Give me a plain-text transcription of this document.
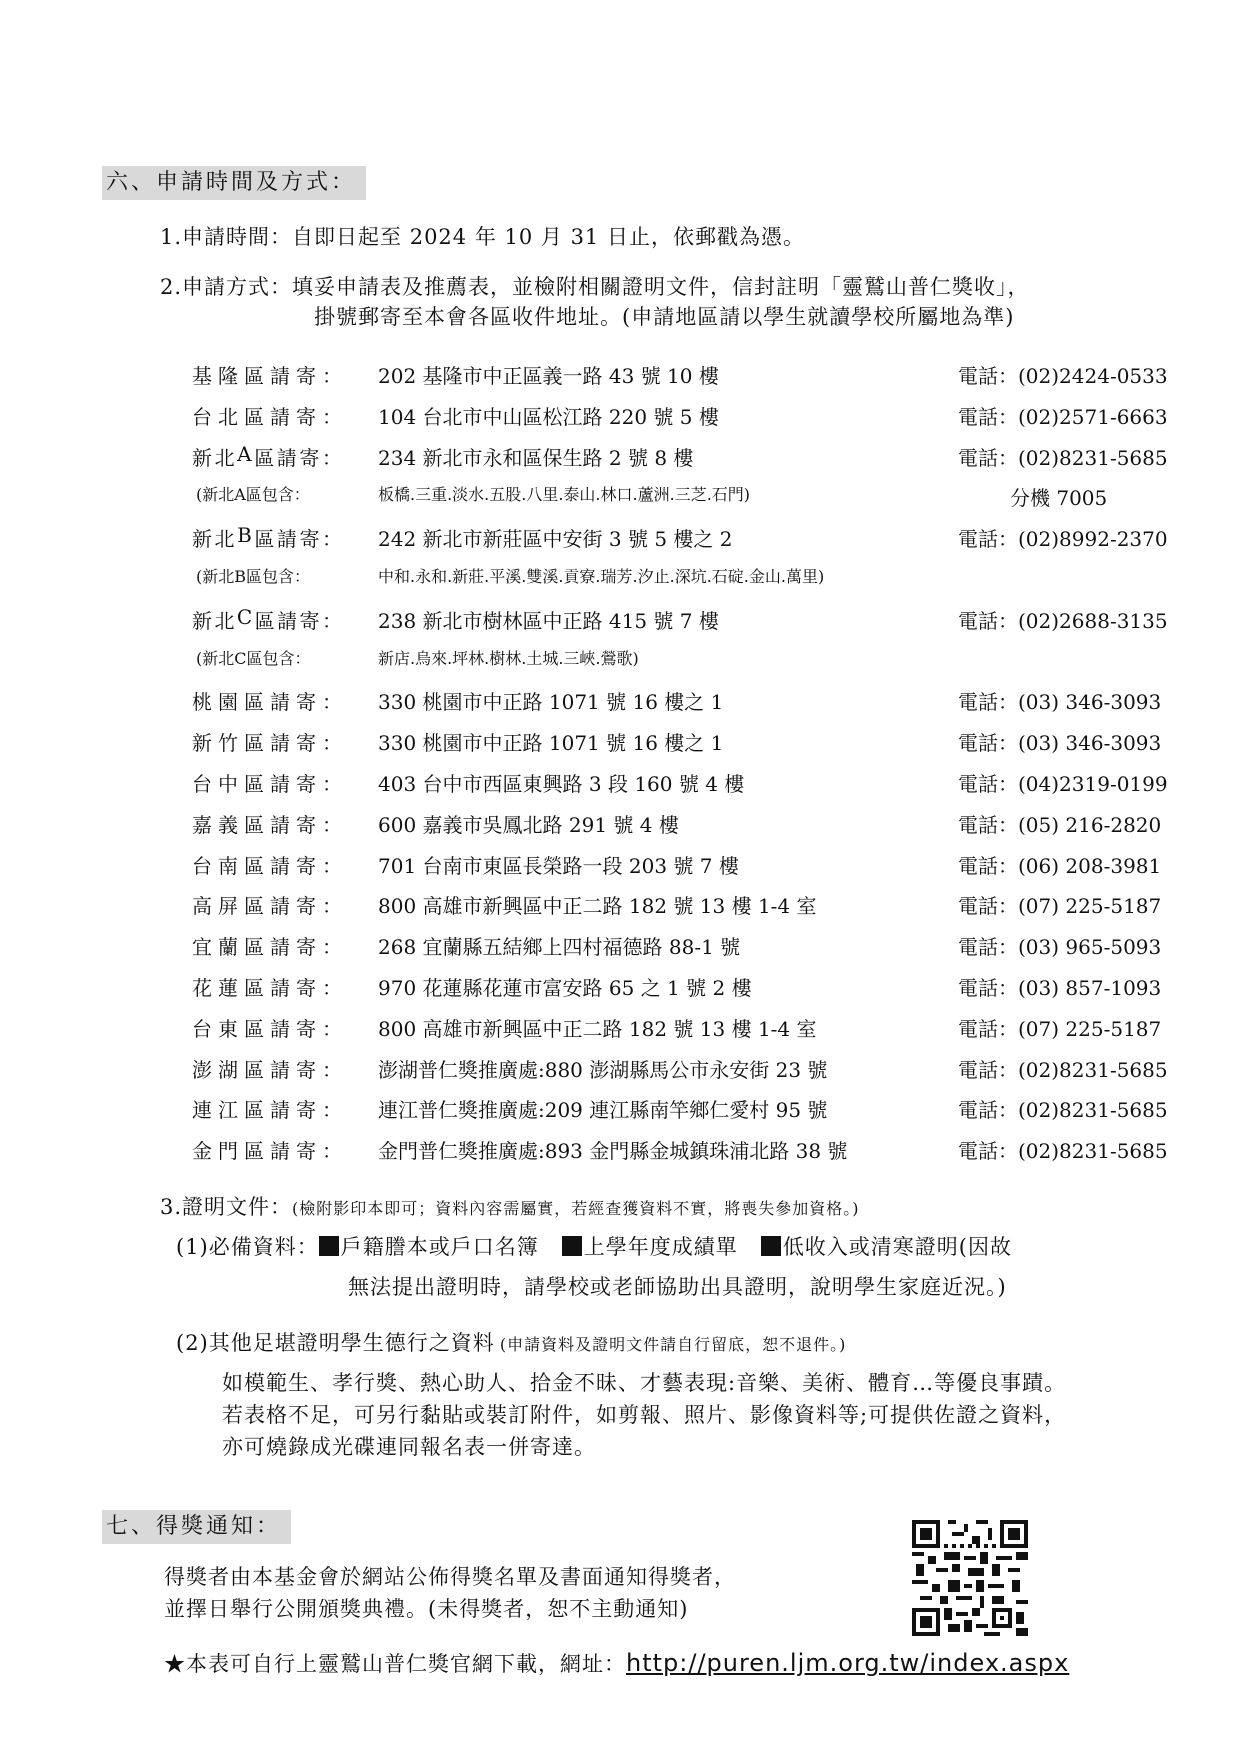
六、申請時間及方式：
1.申請時間：自即日起至 2024 年 10 月 31 日止，依郵戳為憑。
2.申請方式：填妥申請表及推薦表，並檢附相關證明文件，信封註明「靈鷲山普仁獎收」，
掛號郵寄至本會各區收件地址。(申請地區請以學生就讀學校所屬地為準)
基 隆 區 請 寄 ： 202 基隆市中正區義一路 43 號 10 樓	電話：(02)2424-0533
台 北 區 請 寄 ： 104 台北市中山區松江路 220 號 5 樓	電話：(02)2571-6663
新 北 A 區 請 寄 ： 234 新北市永和區保生路 2 號 8 樓	電話：(02)8231-5685
(新北A區包含：	板橋.三重.淡水.五股.八里.泰山.林口.蘆洲.三芝.石門)	分機 7005
新 北 B 區 請 寄 ： 242 新北市新莊區中安街 3 號 5 樓之 2	電話：(02)8992-2370
(新北B區包含：	中和.永和.新莊.平溪.雙溪.貢寮.瑞芳.汐止.深坑.石碇.金山.萬里)
新 北 C 區 請 寄 ： 238 新北市樹林區中正路 415 號 7 樓	電話：(02)2688-3135
(新北C區包含：	新店.烏來.坪林.樹林.土城.三峽.鶯歌)
桃 園 區 請 寄 ： 330 桃園市中正路 1071 號 16 樓之 1	電話：(03) 346-3093
新 竹 區 請 寄 ： 330 桃園市中正路 1071 號 16 樓之 1	電話：(03) 346-3093
台 中 區 請 寄 ： 403 台中市西區東興路 3 段 160 號 4 樓	電話：(04)2319-0199
嘉 義 區 請 寄 ： 600 嘉義市吳鳳北路 291 號 4 樓	電話：(05) 216-2820
台 南 區 請 寄 ： 701 台南市東區長榮路一段 203 號 7 樓	電話：(06) 208-3981
高 屏 區 請 寄 ： 800 高雄市新興區中正二路 182 號 13 樓 1-4 室	電話：(07) 225-5187
宜 蘭 區 請 寄 ： 268 宜蘭縣五結鄉上四村福德路 88-1 號	電話：(03) 965-5093
花 蓮 區 請 寄 ： 970 花蓮縣花蓮市富安路 65 之 1 號 2 樓	電話：(03) 857-1093
台 東 區 請 寄 ： 800 高雄市新興區中正二路 182 號 13 樓 1-4 室	電話：(07) 225-5187
澎 湖 區 請 寄 ： 澎湖普仁獎推廣處:880 澎湖縣馬公市永安街 23 號	電話：(02)8231-5685
連 江 區 請 寄 ： 連江普仁獎推廣處:209 連江縣南竿鄉仁愛村 95 號	電話：(02)8231-5685
金 門 區 請 寄 ： 金門普仁獎推廣處:893 金門縣金城鎮珠浦北路 38 號	電話：(02)8231-5685
3.證明文件：(檢附影印本即可；資料內容需屬實，若經查獲資料不實，將喪失參加資格。)
(1)必備資料： 戶籍謄本或戶口名簿 上學年度成績單 低收入或清寒證明(因故
無法提出證明時，請學校或老師協助出具證明，說明學生家庭近況。)
(2)其他足堪證明學生德行之資料 (申請資料及證明文件請自行留底，恕不退件。)
如模範生、孝行獎、熱心助人、拾金不昧、才藝表現:音樂、美術、體育…等優良事蹟。
若表格不足，可另行黏貼或裝訂附件，如剪報、照片、影像資料等;可提供佐證之資料，
亦可燒錄成光碟連同報名表一併寄達。
七、得獎通知：
得獎者由本基金會於網站公佈得獎名單及書面通知得獎者，
並擇日舉行公開頒獎典禮。(未得獎者，恕不主動通知)
★本表可自行上靈鷲山普仁獎官網下載，網址：http://puren.ljm.org.tw/index.aspx
